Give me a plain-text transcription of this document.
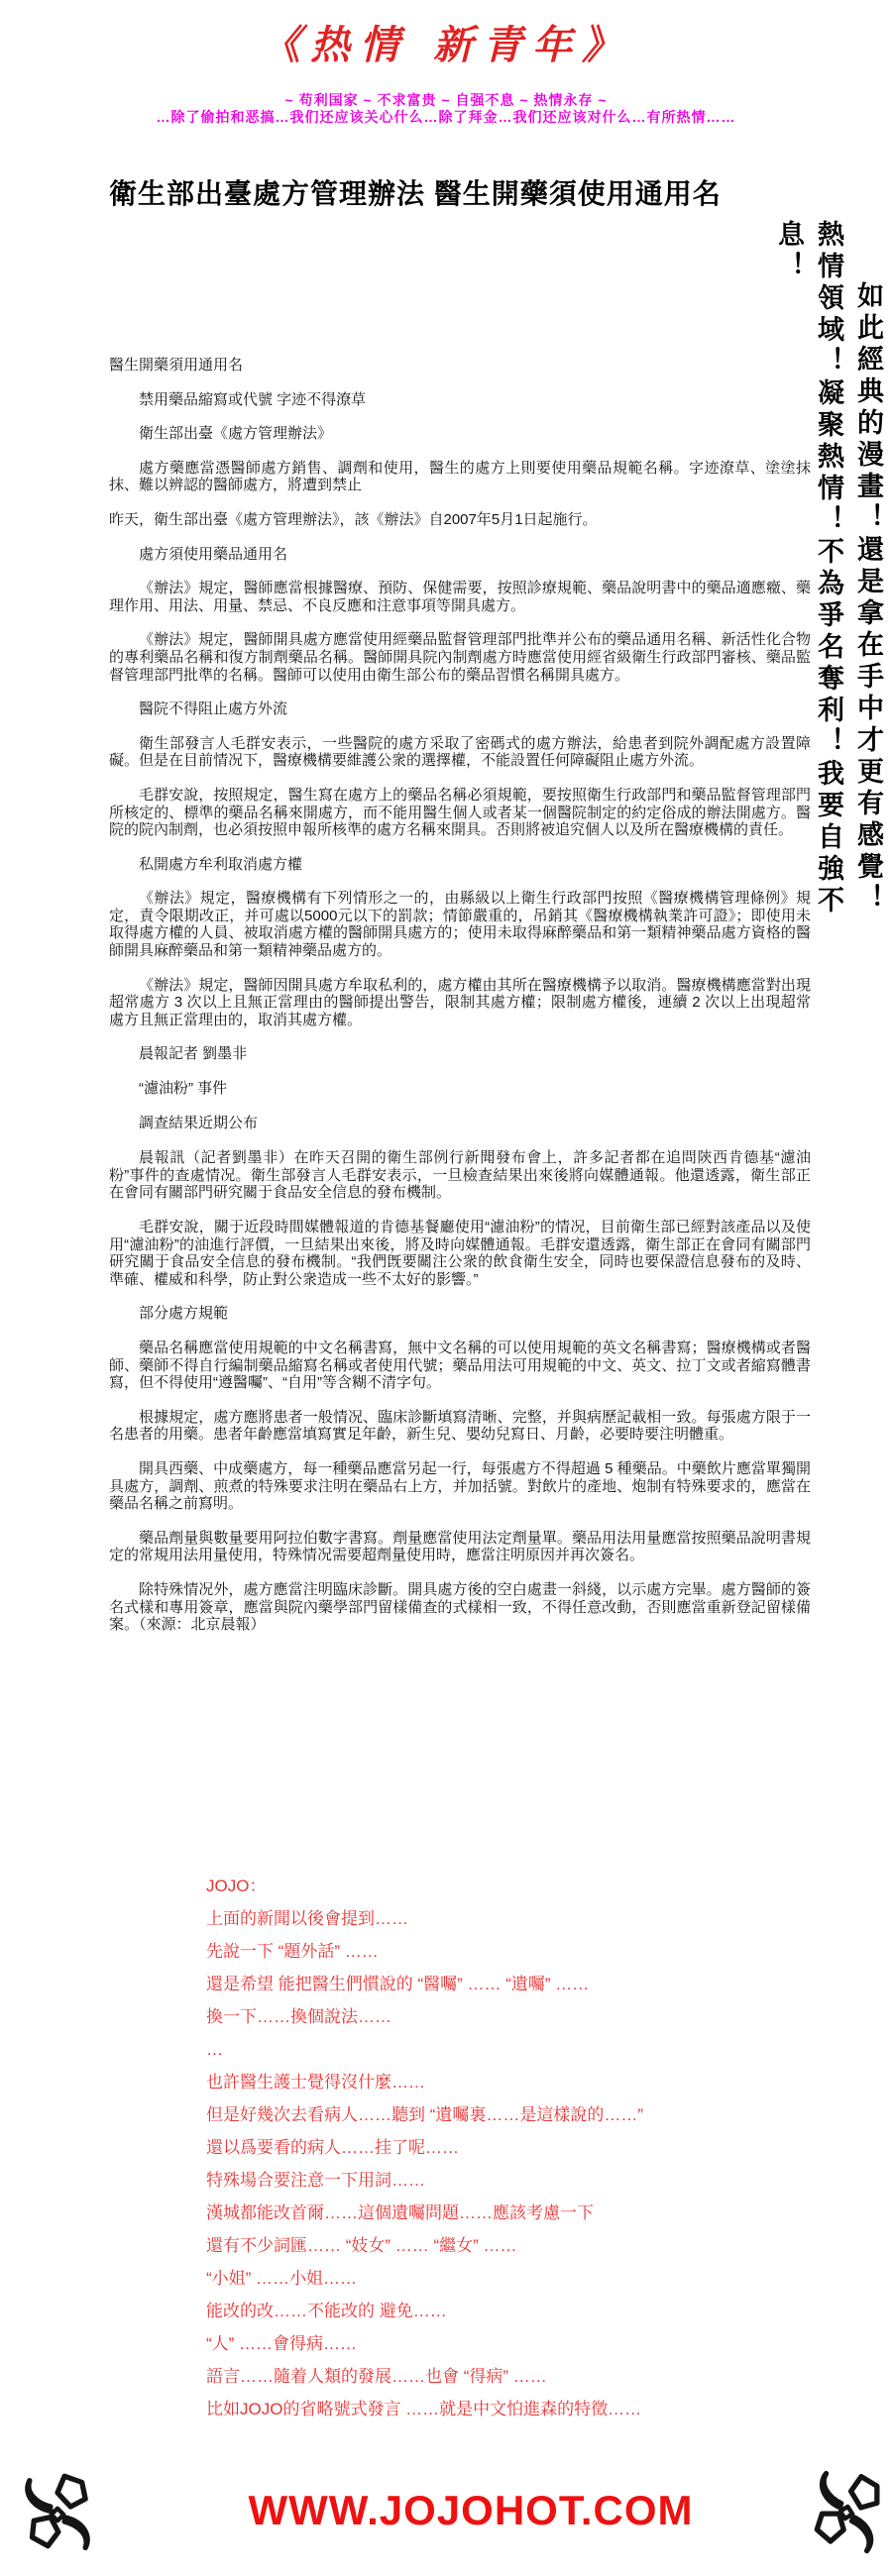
《热情 新青年》

~ 苟利国家 ~ 不求富贵 ~ 自强不息 ~ 热情永存 ~

…除了偷拍和恶搞…我们还应该关心什么…除了拜金…我们还应该对什么…有所热情……

衛生部出臺處方管理辦法 醫生開藥須使用通用名
如此經典的漫畫！還是拿在手中才更有感覺！
熱情領域！凝聚熱情！不為爭名奪利！我要自強不息！

醫生開藥須用通用名

禁用藥品縮寫或代號 字迹不得潦草

衛生部出臺《處方管理辦法》

處方藥應當憑醫師處方銷售、調劑和使用，醫生的處方上則要使用藥品規範名稱。字迹潦草、塗塗抹抹、難以辨認的醫師處方，將遭到禁止

昨天，衛生部出臺《處方管理辦法》，該《辦法》自2007年5月1日起施行。

處方須使用藥品通用名

《辦法》規定，醫師應當根據醫療、預防、保健需要，按照診療規範、藥品說明書中的藥品適應癥、藥理作用、用法、用量、禁忌、不良反應和注意事項等開具處方。

《辦法》規定，醫師開具處方應當使用經藥品監督管理部門批準并公布的藥品通用名稱、新活性化合物的專利藥品名稱和復方制劑藥品名稱。醫師開具院內制劑處方時應當使用經省級衛生行政部門審核、藥品監督管理部門批準的名稱。醫師可以使用由衛生部公布的藥品習慣名稱開具處方。

醫院不得阻止處方外流

衛生部發言人毛群安表示，一些醫院的處方采取了密碼式的處方辦法，給患者到院外調配處方設置障礙。但是在目前情况下，醫療機構要維護公衆的選擇權，不能設置任何障礙阻止處方外流。

毛群安說，按照規定，醫生寫在處方上的藥品名稱必須規範，要按照衛生行政部門和藥品監督管理部門所核定的、標準的藥品名稱來開處方，而不能用醫生個人或者某一個醫院制定的約定俗成的辦法開處方。醫院的院內制劑，也必須按照申報所核準的處方名稱來開具。否則將被追究個人以及所在醫療機構的責任。

私開處方牟利取消處方權

《辦法》規定，醫療機構有下列情形之一的，由縣級以上衛生行政部門按照《醫療機構管理條例》規定，責令限期改正，并可處以5000元以下的罰款；情節嚴重的，吊銷其《醫療機構執業許可證》；即使用未取得處方權的人員、被取消處方權的醫師開具處方的；使用未取得麻醉藥品和第一類精神藥品處方資格的醫師開具麻醉藥品和第一類精神藥品處方的。

《辦法》規定，醫師因開具處方牟取私利的，處方權由其所在醫療機構予以取消。醫療機構應當對出現超常處方 3 次以上且無正當理由的醫師提出警告，限制其處方權；限制處方權後，連續 2 次以上出現超常處方且無正當理由的，取消其處方權。

晨報記者 劉墨非

“濾油粉” 事件

調查結果近期公布

晨報訊（記者劉墨非）在昨天召開的衛生部例行新聞發布會上，許多記者都在追問陝西肯德基“濾油粉”事件的查處情况。衛生部發言人毛群安表示，一旦檢查結果出來後將向媒體通報。他還透露，衛生部正在會同有關部門研究關于食品安全信息的發布機制。

毛群安說，關于近段時間媒體報道的肯德基餐廳使用“濾油粉”的情况，目前衛生部已經對該產品以及使用“濾油粉”的油進行評價，一旦結果出來後，將及時向媒體通報。毛群安還透露，衛生部正在會同有關部門研究關于食品安全信息的發布機制。“我們旣要關注公衆的飲食衛生安全，同時也要保證信息發布的及時、準確、權威和科學，防止對公衆造成一些不太好的影響。”

部分處方規範

藥品名稱應當使用規範的中文名稱書寫，無中文名稱的可以使用規範的英文名稱書寫；醫療機構或者醫師、藥師不得自行編制藥品縮寫名稱或者使用代號；藥品用法可用規範的中文、英文、拉丁文或者縮寫體書寫，但不得使用“遵醫囑”、“自用”等含糊不清字句。

根據規定，處方應將患者一般情况、臨床診斷填寫清晰、完整，并與病歷記載相一致。每張處方限于一名患者的用藥。患者年齡應當填寫實足年齡，新生兒、嬰幼兒寫日、月齡，必要時要注明體重。

開具西藥、中成藥處方，每一種藥品應當另起一行，每張處方不得超過 5 種藥品。中藥飲片應當單獨開具處方，調劑、煎煮的特殊要求注明在藥品右上方，并加括號。對飲片的產地、炮制有特殊要求的，應當在藥品名稱之前寫明。

藥品劑量與數量要用阿拉伯數字書寫。劑量應當使用法定劑量單。藥品用法用量應當按照藥品說明書規定的常規用法用量使用，特殊情况需要超劑量使用時，應當注明原因并再次簽名。

除特殊情况外，處方應當注明臨床診斷。開具處方後的空白處畫一斜綫，以示處方完畢。處方醫師的簽名式樣和專用簽章，應當與院內藥學部門留樣備查的式樣相一致，不得任意改動，否則應當重新登記留樣備案。（來源：北京晨報）

JOJO：

上面的新聞以後會提到……

先說一下 “題外話” ……

還是希望 能把醫生們慣說的 “醫囑” …… “遺囑” ……

換一下……換個說法……

…

也許醫生護士覺得沒什麼……

但是好幾次去看病人……聽到 “遺囑裏……是這樣說的……”

還以爲要看的病人……挂了呢……

特殊場合要注意一下用詞……

漢城都能改首爾……這個遺囑問題……應該考慮一下

還有不少詞匯…… “妓女” …… “繼女” ……

“小姐” ……小姐……

能改的改……不能改的 避免……

“人” ……會得病……

語言……隨着人類的發展……也會 “得病” ……

比如JOJO的省略號式發言 ……就是中文怕進森的特徵……

WWW.JOJOHOT.COM
